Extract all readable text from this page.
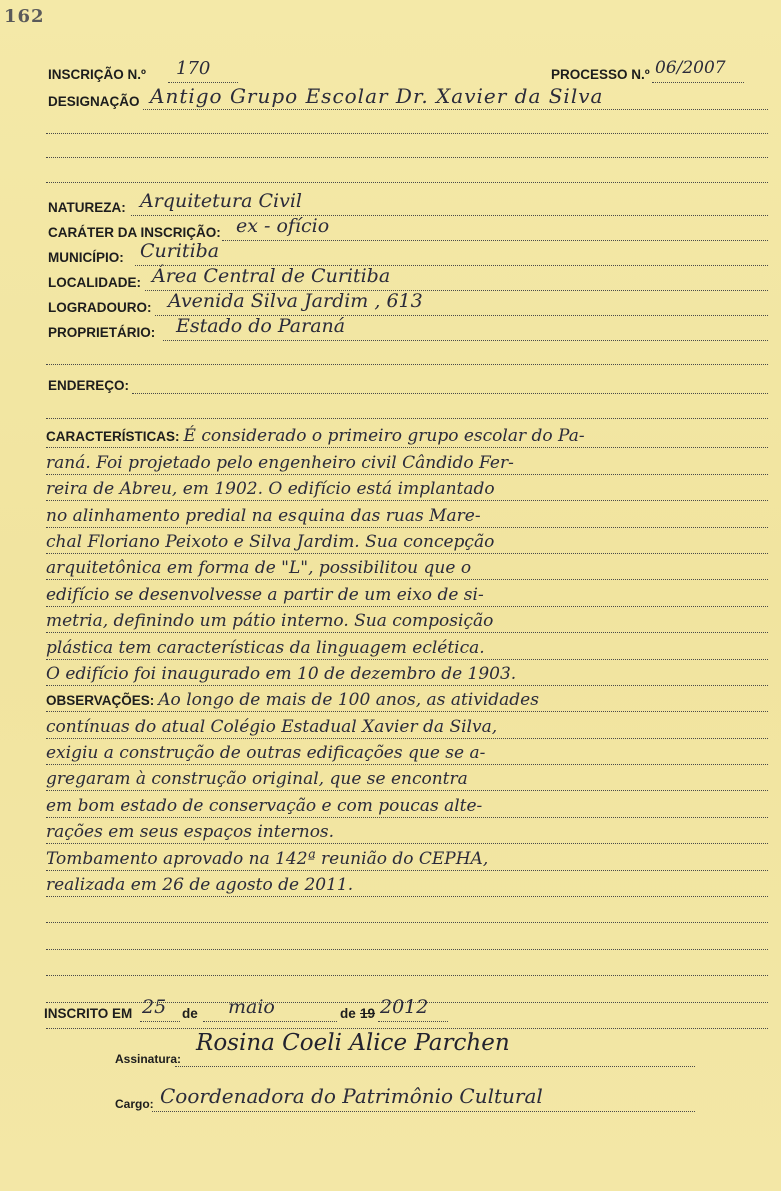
162
INSCRIÇÃO N.º 170	PROCESSO N.º 06/2007
DESIGNAÇÃO Antigo Grupo Escolar Dr. Xavier da Silva
NATUREZA: Arquitetura Civil
CARÁTER DA INSCRIÇÃO: ex - ofício
MUNICÍPIO: Curitiba
LOCALIDADE: Área Central de Curitiba
LOGRADOURO: Avenida Silva Jardim , 613
PROPRIETÁRIO: Estado do Paraná
ENDEREÇO:
CARACTERÍSTICAS: É considerado o primeiro grupo escolar do Pa-
raná. Foi projetado pelo engenheiro civil Cândido Fer-
reira de Abreu, em 1902. O edifício está implantado
no alinhamento predial na esquina das ruas Mare-
chal Floriano Peixoto e Silva Jardim. Sua concepção
arquitetônica em forma de "L", possibilitou que o
edifício se desenvolvesse a partir de um eixo de si-
metria, definindo um pátio interno. Sua composição
plástica tem características da linguagem eclética.
O edifício foi inaugurado em 10 de dezembro de 1903.
OBSERVAÇÕES: Ao longo de mais de 100 anos, as atividades
contínuas do atual Colégio Estadual Xavier da Silva,
exigiu a construção de outras edificações que se a-
gregaram à construção original, que se encontra
em bom estado de conservação e com poucas alte-
rações em seus espaços internos.
Tombamento aprovado na 142ª reunião do CEPHA,
realizada em 26 de agosto de 2011.
INSCRITO EM 25 de maio	de 19 2012
Assinatura:
Rosina Coeli Alice Parchen
Cargo: Coordenadora do Patrimônio Cultural
